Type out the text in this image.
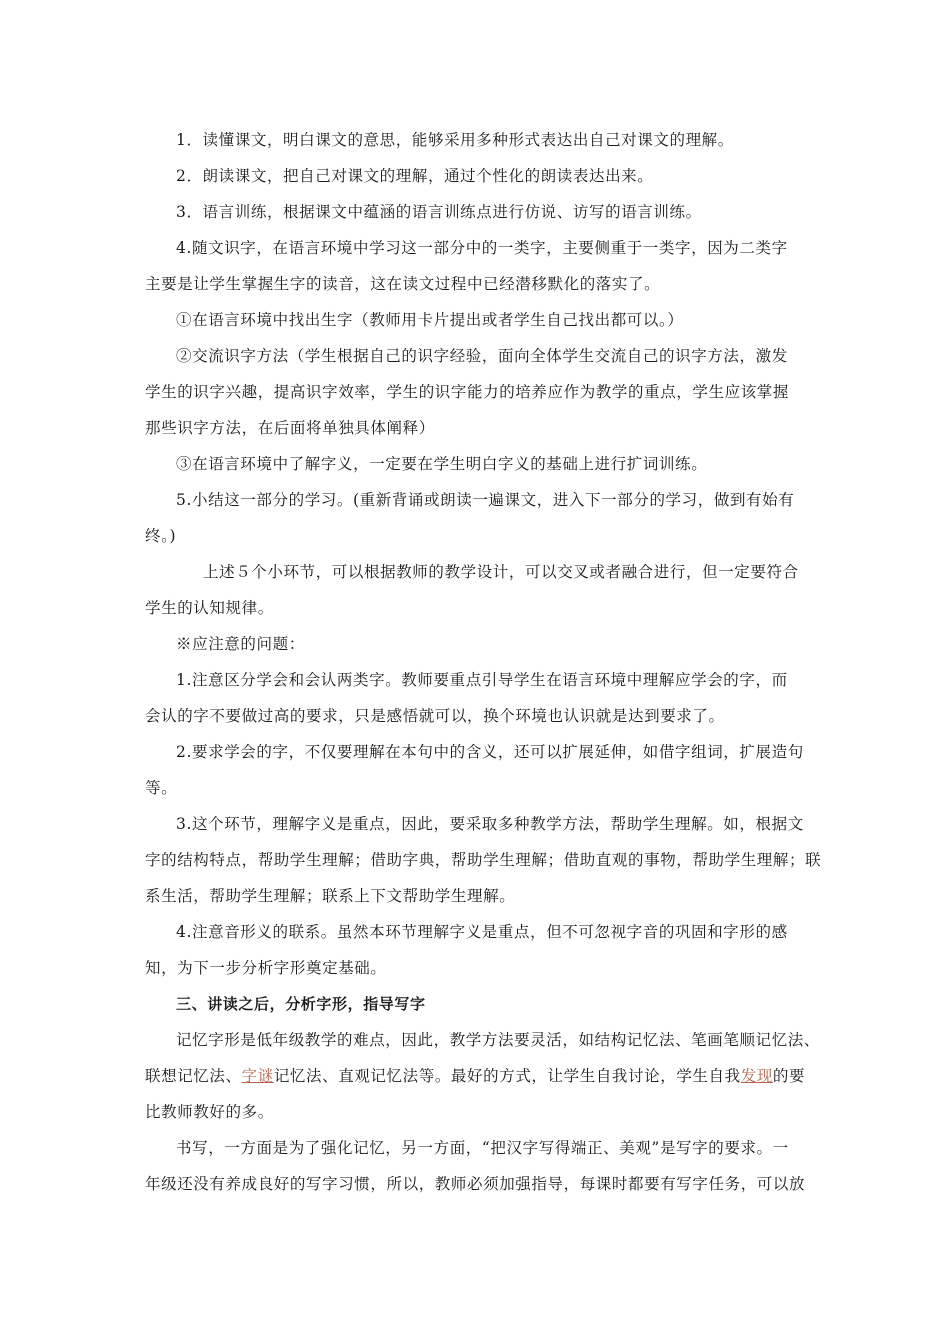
1．读懂课文，明白课文的意思，能够采用多种形式表达出自己对课文的理解。

2．朗读课文，把自己对课文的理解，通过个性化的朗读表达出来。

3．语言训练，根据课文中蕴涵的语言训练点进行仿说、访写的语言训练。

4.随文识字，在语言环境中学习这一部分中的一类字，主要侧重于一类字，因为二类字

主要是让学生掌握生字的读音，这在读文过程中已经潜移默化的落实了。

①在语言环境中找出生字（教师用卡片提出或者学生自己找出都可以。）

②交流识字方法（学生根据自己的识字经验，面向全体学生交流自己的识字方法，激发

学生的识字兴趣，提高识字效率，学生的识字能力的培养应作为教学的重点，学生应该掌握

那些识字方法，在后面将单独具体阐释）

③在语言环境中了解字义，一定要在学生明白字义的基础上进行扩词训练。

5.小结这一部分的学习。(重新背诵或朗读一遍课文，进入下一部分的学习，做到有始有

终。)

上述５个小环节，可以根据教师的教学设计，可以交叉或者融合进行，但一定要符合

学生的认知规律。

※应注意的问题：

1.注意区分学会和会认两类字。教师要重点引导学生在语言环境中理解应学会的字，而

会认的字不要做过高的要求，只是感悟就可以，换个环境也认识就是达到要求了。

2.要求学会的字，不仅要理解在本句中的含义，还可以扩展延伸，如借字组词，扩展造句

等。

3.这个环节，理解字义是重点，因此，要采取多种教学方法，帮助学生理解。如，根据文

字的结构特点，帮助学生理解；借助字典，帮助学生理解；借助直观的事物，帮助学生理解；联

系生活，帮助学生理解；联系上下文帮助学生理解。

4.注意音形义的联系。虽然本环节理解字义是重点，但不可忽视字音的巩固和字形的感

知，为下一步分析字形奠定基础。

三、讲读之后，分析字形，指导写字

记忆字形是低年级教学的难点，因此，教学方法要灵活，如结构记忆法、笔画笔顺记忆法、

联想记忆法、字谜记忆法、直观记忆法等。最好的方式，让学生自我讨论，学生自我发现的要

比教师教好的多。

书写，一方面是为了强化记忆，另一方面，“把汉字写得端正、美观”是写字的要求。一

年级还没有养成良好的写字习惯，所以，教师必须加强指导，每课时都要有写字任务，可以放
